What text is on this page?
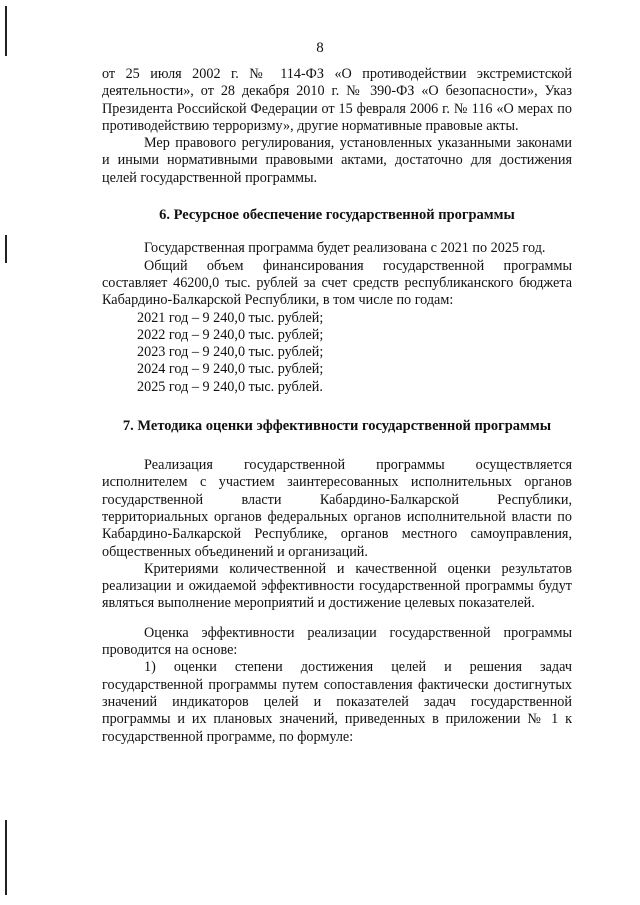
8

от 25 июля 2002 г. № 114-ФЗ «О противодействии экстремистской деятельности», от 28 декабря 2010 г. № 390-ФЗ «О безопасности», Указ Президента Российской Федерации от 15 февраля 2006 г. № 116 «О мерах по противодействию терроризму», другие нормативные правовые акты.

Мер правового регулирования, установленных указанными законами и иными нормативными правовыми актами, достаточно для достижения целей государственной программы.

6. Ресурсное обеспечение государственной программы

Государственная программа будет реализована с 2021 по 2025 год.

Общий объем финансирования государственной программы составляет 46200,0 тыс. рублей за счет средств республиканского бюджета Кабардино-Балкарской Республики, в том числе по годам:

2021 год – 9 240,0 тыс. рублей;
2022 год – 9 240,0 тыс. рублей;
2023 год – 9 240,0 тыс. рублей;
2024 год – 9 240,0 тыс. рублей;
2025 год – 9 240,0 тыс. рублей.

7. Методика оценки эффективности государственной программы

Реализация государственной программы осуществляется исполнителем с участием заинтересованных исполнительных органов государственной власти Кабардино-Балкарской Республики, территориальных органов федеральных органов исполнительной власти по Кабардино-Балкарской Республике, органов местного самоуправления, общественных объединений и организаций.

Критериями количественной и качественной оценки результатов реализации и ожидаемой эффективности государственной программы будут являться выполнение мероприятий и достижение целевых показателей.

Оценка эффективности реализации государственной программы проводится на основе:

1) оценки степени достижения целей и решения задач государственной программы путем сопоставления фактически достигнутых значений индикаторов целей и показателей задач государственной программы и их плановых значений, приведенных в приложении № 1 к государственной программе, по формуле:
